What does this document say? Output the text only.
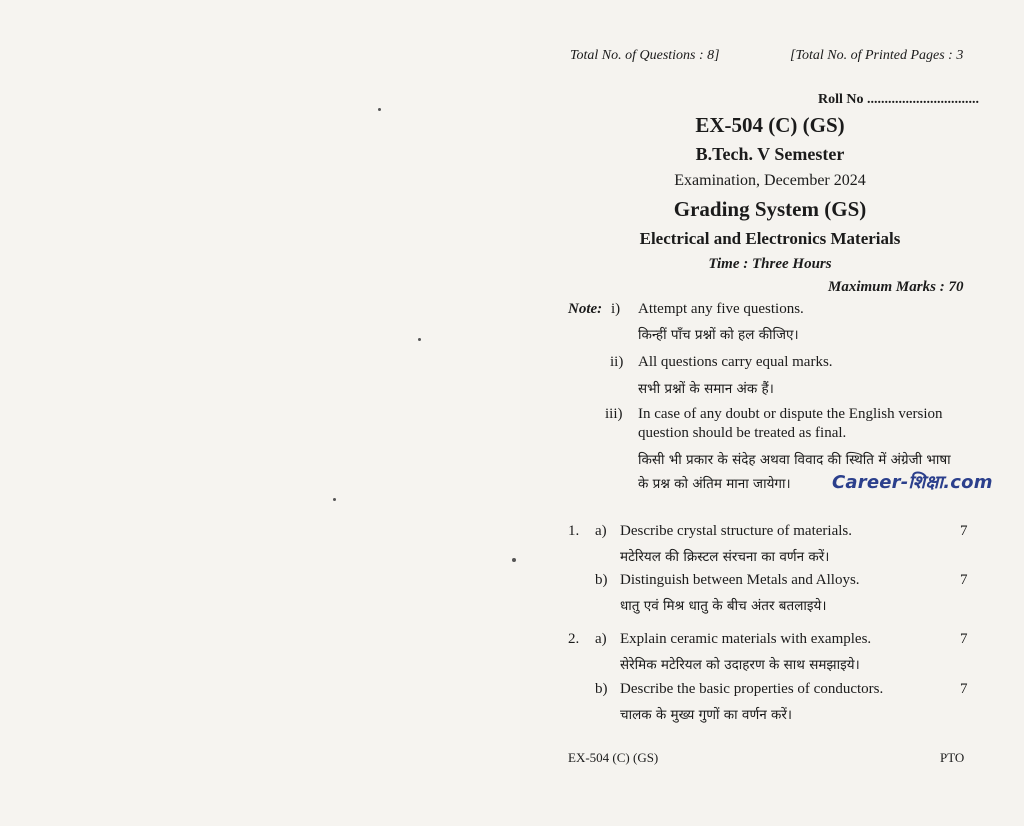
Total No. of Questions : 8]	[Total No. of Printed Pages : 3
Roll No ................................
EX-504 (C) (GS)
B.Tech. V Semester
Examination, December 2024
Grading System (GS)
Electrical and Electronics Materials
Time : Three Hours
Maximum Marks : 70
Note: i) Attempt any five questions.
किन्हीं पाँच प्रश्नों को हल कीजिए।
ii) All questions carry equal marks.
सभी प्रश्नों के समान अंक हैं।
iii) In case of any doubt or dispute the English version
question should be treated as final.
किसी भी प्रकार के संदेह अथवा विवाद की स्थिति में अंग्रेजी भाषा
के प्रश्न को अंतिम माना जायेगा। Career-शिक्षा.com
1. a) Describe crystal structure of materials.	7
मटेरियल की क्रिस्टल संरचना का वर्णन करें।
b) Distinguish between Metals and Alloys.	7
धातु एवं मिश्र धातु के बीच अंतर बतलाइये।
2. a) Explain ceramic materials with examples.	7
सेरेमिक मटेरियल को उदाहरण के साथ समझाइये।
b) Describe the basic properties of conductors.	7
चालक के मुख्य गुणों का वर्णन करें।
EX-504 (C) (GS)	PTO
